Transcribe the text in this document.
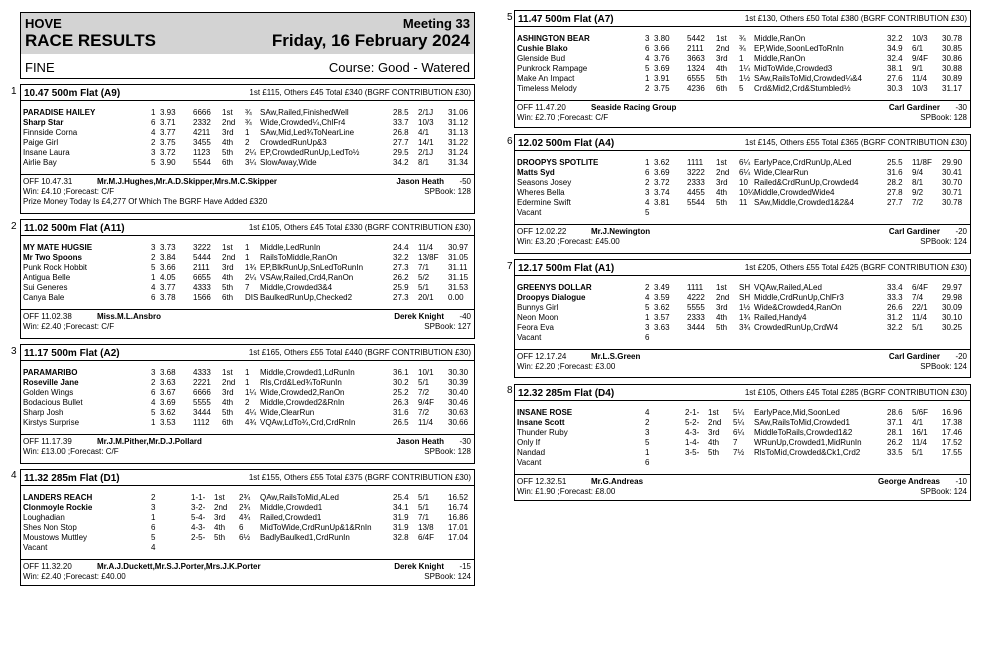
HOVE
RACE RESULTS
Meeting 33
Friday, 16 February 2024
FINE	Course: Good - Watered
1 10.47 500m Flat (A9)	1st £115, Others £45 Total £340 (BGRF CONTRIBUTION £30)
PARADISE HAILEY	1 3.93 6666 1st ¾ SAw,Railed,FinishedWell	28.5 2/1J 31.06
Sharp Star	6 3.71 2332 2nd ¾ Wide,Crowded¼,ChlFr4	33.7 10/3 31.12
Finnside Corna	4 3.77 4211 3rd 1 SAw,Mid,Led¾ToNearLine	26.8 4/1 31.13
Paige Girl	2 3.75 3455 4th 2 CrowdedRunUp&3	27.7 14/1 31.22
Insane Laura	3 3.72 1123 5th 2¼ EP,CrowdedRunUp,LedTo½	29.5 2/1J 31.24
Airlie Bay	5 3.90 5544 6th 3¼ SlowAway,Wide	34.2 8/1 31.34
OFF 10.47.31	Mr.M.J.Hughes,Mr.A.D.Skipper,Mrs.M.C.Skipper	Jason Heath -50
Win: £4.10 ;Forecast: C/F	SPBook: 128
Prize Money Today Is £4,277 Of Which The BGRF Have Added £320
2 11.02 500m Flat (A11)	1st £105, Others £45 Total £330 (BGRF CONTRIBUTION £30)
MY MATE HUGSIE	3 3.73 3222 1st 1 Middle,LedRunIn	24.4 11/4 30.97
Mr Two Spoons	2 3.84 5444 2nd 1 RailsToMiddle,RanOn	32.2 13/8F 31.05
Punk Rock Hobbit	5 3.66 2111 3rd 1¾ EP,BlkRunUp,SnLedToRunIn	27.3 7/1 31.11
Antigua Belle	1 4.05 6655 4th 2¼ VSAw,Railed,Crd4,RanOn	26.2 5/2 31.15
Sui Generes	4 3.77 4333 5th 7 Middle,Crowded3&4	25.9 5/1 31.53
Canya Bale	6 3.78 1566 6th DIS BaulkedRunUp,Checked2	27.3 20/1 0.00
OFF 11.02.38	Miss.M.L.Ansbro	Derek Knight -40
Win: £2.40 ;Forecast: C/F	SPBook: 127
3 11.17 500m Flat (A2)	1st £165, Others £55 Total £440 (BGRF CONTRIBUTION £30)
PARAMARIBO	3 3.68 4333 1st 1 Middle,Crowded1,LdRunIn	36.1 10/1 30.30
Roseville Jane	2 3.63 2221 2nd 1 Rls,Crd&Led¾ToRunIn	30.2 5/1 30.39
Golden Wings	6 3.67 6666 3rd 1¼ Wide,Crowded2,RanOn	25.2 7/2 30.40
Bodacious Bullet	4 3.69 5555 4th 2 Middle,Crowded2&RnIn	26.3 9/4F 30.46
Sharp Josh	5 3.62 3444 5th 4¼ Wide,ClearRun	31.6 7/2 30.63
Kirstys Surprise	1 3.53 1112 6th 4¾ VQAw,LdTo¾,Crd,CrdRnIn	26.5 11/4 30.66
OFF 11.17.39	Mr.J.M.Pither,Mr.D.J.Pollard	Jason Heath -30
Win: £13.00 ;Forecast: C/F	SPBook: 128
4 11.32 285m Flat (D1)	1st £155, Others £55 Total £375 (BGRF CONTRIBUTION £30)
LANDERS REACH	2	1-1- 1st 2¾ QAw,RailsToMid,ALed	25.4 5/1 16.52
Clonmoyle Rockie	3	3-2- 2nd 2¾ Middle,Crowded1	34.1 5/1 16.74
Loughadian	1	5-4- 3rd 4¾ Railed,Crowded1	31.9 7/1 16.86
Shes Non Stop	6	4-3- 4th 6 MidToWide,CrdRunUp&1&RnIn	31.9 13/8 17.01
Moustows Muttley	5	2-5- 5th 6½ BadlyBaulked1,CrdRunIn	32.8 6/4F 17.04
Vacant	4
OFF 11.32.20	Mr.A.J.Duckett,Mr.S.J.Porter,Mrs.J.K.Porter	Derek Knight -15
Win: £2.40 ;Forecast: £40.00	SPBook: 124
5 11.47 500m Flat (A7)	1st £130, Others £50 Total £380 (BGRF CONTRIBUTION £30)
ASHINGTON BEAR	3 3.80 5442 1st ¾ Middle,RanOn	32.2 10/3 30.78
Cushie Blako	6 3.66 2111 2nd ¾ EP,Wide,SoonLedToRnIn	34.9 6/1 30.85
Glenside Bud	4 3.76 3663 3rd 1 Middle,RanOn	32.4 9/4F 30.86
Punkrock Rampage	5 3.69 1324 4th 1¼ MidToWide,Crowded3	38.1 9/1 30.88
Make An Impact	1 3.91 6555 5th 1½ SAw,RailsToMid,Crowded¼&4	27.6 11/4 30.89
Timeless Melody	2 3.75 4236 6th 5 Crd&Mid2,Crd&Stumbled½	30.3 10/3 31.17
OFF 11.47.20	Seaside Racing Group	Carl Gardiner -30
Win: £2.70 ;Forecast: C/F	SPBook: 128
6 12.02 500m Flat (A4)	1st £145, Others £55 Total £365 (BGRF CONTRIBUTION £30)
DROOPYS SPOTLITE	1 3.62 1111 1st 6¼ EarlyPace,CrdRunUp,ALed	25.5 11/8F 29.90
Matts Syd	6 3.69 3222 2nd 6¼ Wide,ClearRun	31.6 9/4 30.41
Seasons Josey	2 3.72 2333 3rd 10 Railed&CrdRunUp,Crowded4	28.2 8/1 30.70
Wheres Bella	3 3.74 4455 4th 10¼ Middle,CrowdedWide4	27.8 9/2 30.71
Edermine Swift	4 3.81 5544 5th 11 SAw,Middle,Crowded1&2&4	27.7 7/2 30.78
Vacant	5
OFF 12.02.22	Mr.J.Newington	Carl Gardiner -20
Win: £3.20 ;Forecast: £45.00	SPBook: 124
7 12.17 500m Flat (A1)	1st £205, Others £55 Total £425 (BGRF CONTRIBUTION £30)
GREENYS DOLLAR	2 3.49 1111 1st SH VQAw,Railed,ALed	33.4 6/4F 29.97
Droopys Dialogue	4 3.59 4222 2nd SH Middle,CrdRunUp,ChlFr3	33.3 7/4 29.98
Bunnys Girl	5 3.62 5555 3rd 1½ Wide&Crowded4,RanOn	26.6 22/1 30.09
Neon Moon	1 3.57 2333 4th 1¾ Railed,Handy4	31.2 11/4 30.10
Feora Eva	3 3.63 3444 5th 3¾ CrowdedRunUp,CrdW4	32.2 5/1 30.25
Vacant	6
OFF 12.17.24	Mr.L.S.Green	Carl Gardiner -20
Win: £2.20 ;Forecast: £3.00	SPBook: 124
8 12.32 285m Flat (D4)	1st £105, Others £45 Total £285 (BGRF CONTRIBUTION £30)
INSANE ROSE	4	2-1- 1st 5¼ EarlyPace,Mid,SoonLed	28.6 5/6F 16.96
Insane Scott	2	5-2- 2nd 5¼ SAw,RailsToMid,Crowded1	37.1 4/1 17.38
Thunder Ruby	3	4-3- 3rd 6¼ MiddleToRails,Crowded1&2	28.1 16/1 17.46
Only If	5	1-4- 4th 7 WRunUp,Crowded1,MidRunIn	26.2 11/4 17.52
Nandad	1	3-5- 5th 7½ RlsToMid,Crowded&Ck1,Crd2	33.5 5/1 17.55
Vacant	6
OFF 12.32.51	Mr.G.Andreas	George Andreas -10
Win: £1.90 ;Forecast: £8.00	SPBook: 124
